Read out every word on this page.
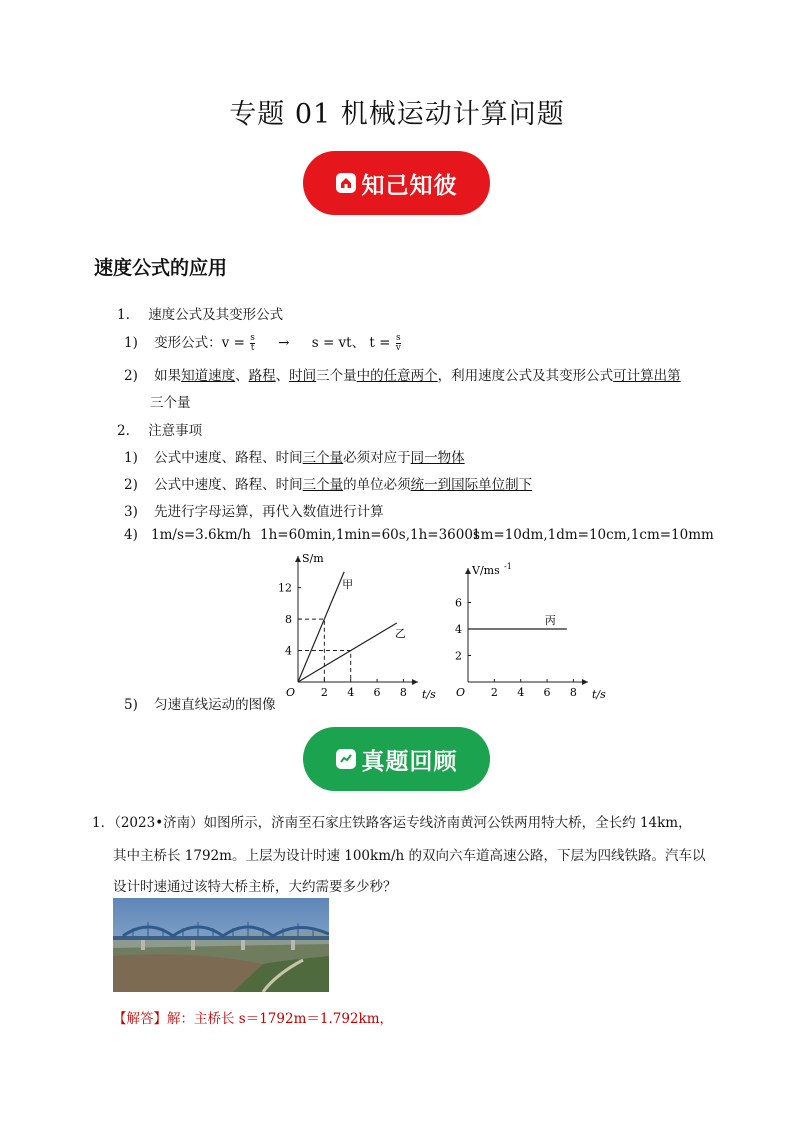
专题 01 机械运动计算问题
知己知彼
速度公式的应用
1. 速度公式及其变形公式
1) 变形公式：$v = \frac{s}{t} \to s$ = vt、 $t = \frac{s}{v}$
2) 如果知道速度、路程、时间三个量中的任意两个，利用速度公式及其变形公式可计算出第
三个量
2. 注意事项
1) 公式中速度、路程、时间三个量必须对应于同一物体
2) 公式中速度、路程、时间三个量的单位必须统一到国际单位制下
3) 先进行字母运算，再代入数值进行计算
4) 1m/s=3.6km/h 1h=60min,1min=60s,1h=3600s
1m=10dm,1dm=10cm,1cm=10mm
2 4 6 8
4
8
12
O	t/s
S/m
甲
乙
2 4 6 8
2
4
6
O	t/s
V/ms -1
丙
5) 匀速直线运动的图像
真题回顾
1．（2023•济南）如图所示，济南至石家庄铁路客运专线济南黄河公铁两用特大桥，全长约 14km，
其中主桥长 1792m。上层为设计时速 100km/h 的双向六车道高速公路，下层为四线铁路。汽车以
设计时速通过该特大桥主桥，大约需要多少秒？
【解答】解：主桥长 s＝1792m＝1.792km，
